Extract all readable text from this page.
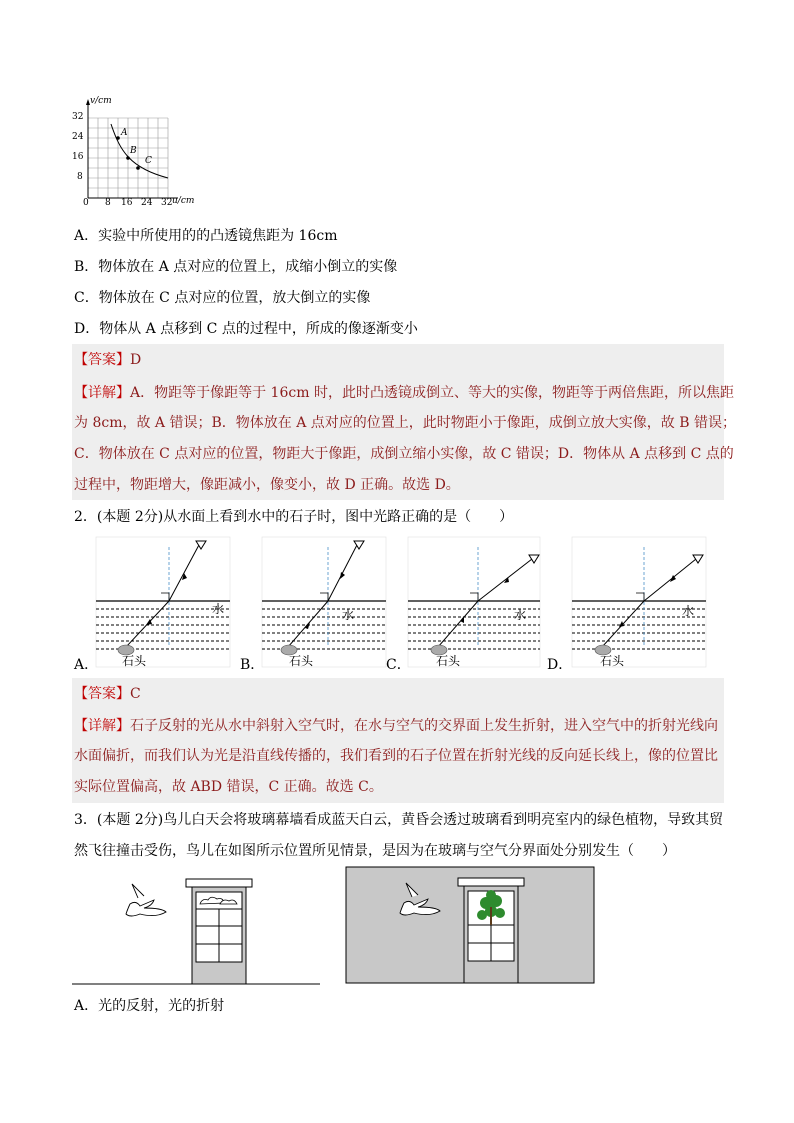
v/cm
u/cm
32
24
16
8
0 8 16 24 32
A
B
C
A．实验中所使用的的凸透镜焦距为 16cm
B．物体放在 A 点对应的位置上，成缩小倒立的实像
C．物体放在 C 点对应的位置，放大倒立的实像
D．物体从 A 点移到 C 点的过程中，所成的像逐渐变小
【答案】D
【详解】A．物距等于像距等于 16cm 时，此时凸透镜成倒立、等大的实像，物距等于两倍焦距，所以焦距
为 8cm，故 A 错误；B．物体放在 A 点对应的位置上，此时物距小于像距，成倒立放大实像，故 B 错误；
C．物体放在 C 点对应的位置，物距大于像距，成倒立缩小实像，故 C 错误；D．物体从 A 点移到 C 点的
过程中，物距增大，像距减小，像变小，故 D 正确。故选 D。
2．(本题 2分)从水面上看到水中的石子时，图中光路正确的是（　　）
水	水	水	水
石头	石头	石头	石头
A．	B．	C．	D．
【答案】C
【详解】石子反射的光从水中斜射入空气时，在水与空气的交界面上发生折射，进入空气中的折射光线向
水面偏折，而我们认为光是沿直线传播的，我们看到的石子位置在折射光线的反向延长线上，像的位置比
实际位置偏高，故 ABD 错误，C 正确。故选 C。
3．(本题 2分)鸟儿白天会将玻璃幕墙看成蓝天白云，黄昏会透过玻璃看到明亮室内的绿色植物，导致其贸
然飞往撞击受伤，鸟儿在如图所示位置所见情景，是因为在玻璃与空气分界面处分别发生（　　）
A．光的反射，光的折射
